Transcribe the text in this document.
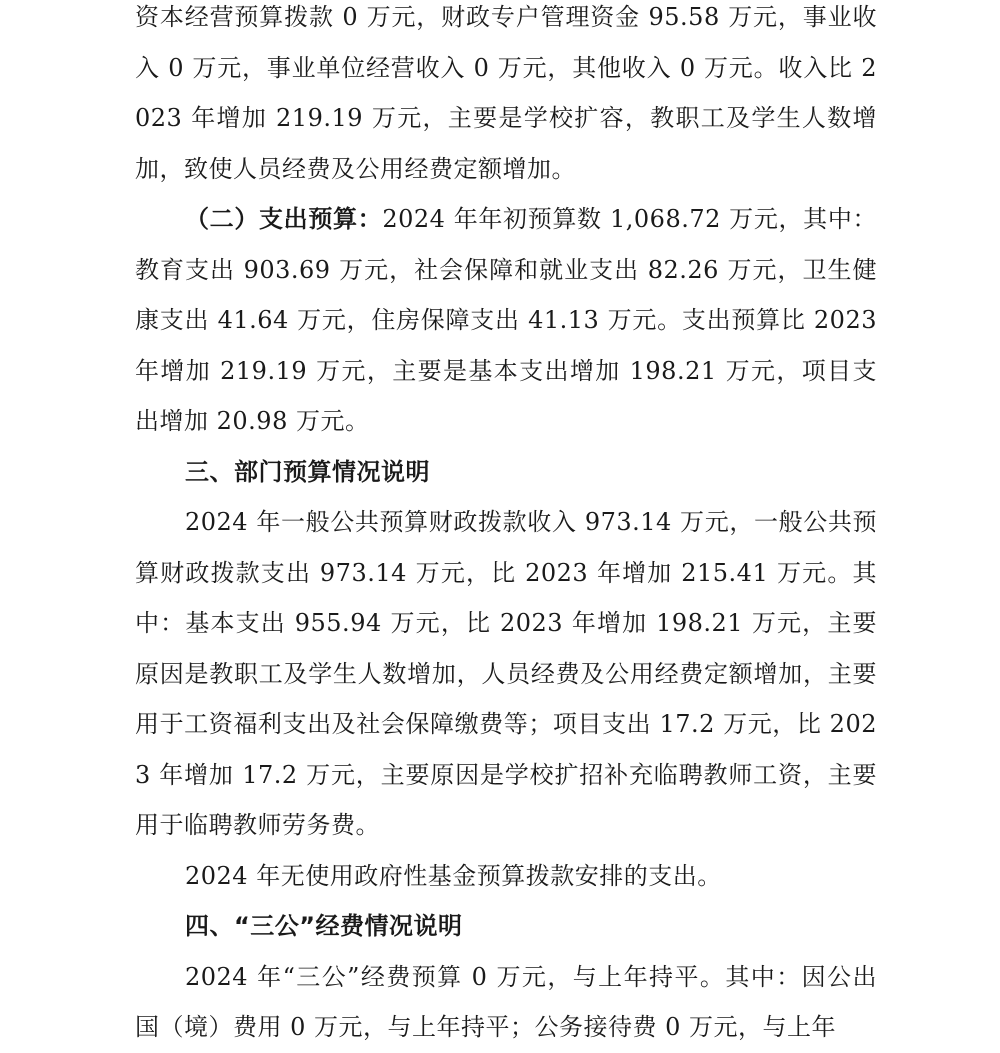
资本经营预算拨款 0 万元，财政专户管理资金 95.58 万元，事业收入 0 万元，事业单位经营收入 0 万元，其他收入 0 万元。收入比 2023 年增加 219.19 万元，主要是学校扩容，教职工及学生人数增加，致使人员经费及公用经费定额增加。

（二）支出预算：2024 年年初预算数 1,068.72 万元，其中：教育支出 903.69 万元，社会保障和就业支出 82.26 万元，卫生健康支出 41.64 万元，住房保障支出 41.13 万元。支出预算比 2023 年增加 219.19 万元，主要是基本支出增加 198.21 万元，项目支出增加 20.98 万元。

三、部门预算情况说明

2024 年一般公共预算财政拨款收入 973.14 万元，一般公共预算财政拨款支出 973.14 万元，比 2023 年增加 215.41 万元。其中：基本支出 955.94 万元，比 2023 年增加 198.21 万元，主要原因是教职工及学生人数增加，人员经费及公用经费定额增加，主要用于工资福利支出及社会保障缴费等；项目支出 17.2 万元，比 2023 年增加 17.2 万元，主要原因是学校扩招补充临聘教师工资，主要用于临聘教师劳务费。

2024 年无使用政府性基金预算拨款安排的支出。

四、“三公”经费情况说明

2024 年“三公”经费预算 0 万元，与上年持平。其中：因公出国（境）费用 0 万元，与上年持平；公务接待费 0 万元，与上年
